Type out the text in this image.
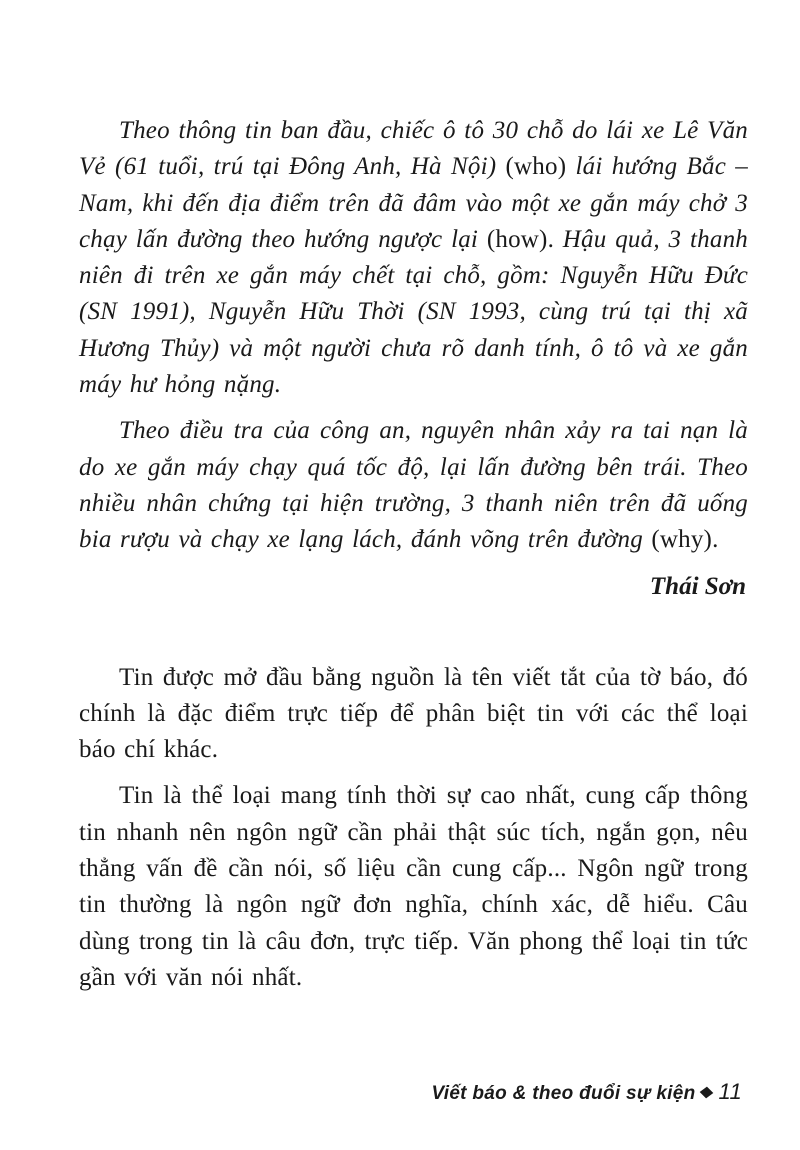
Theo thông tin ban đầu, chiếc ô tô 30 chỗ do lái xe Lê Văn Vẻ (61 tuổi, trú tại Đông Anh, Hà Nội) (who) lái hướng Bắc – Nam, khi đến địa điểm trên đã đâm vào một xe gắn máy chở 3 chạy lấn đường theo hướng ngược lại (how). Hậu quả, 3 thanh niên đi trên xe gắn máy chết tại chỗ, gồm: Nguyễn Hữu Đức (SN 1991), Nguyễn Hữu Thời (SN 1993, cùng trú tại thị xã Hương Thủy) và một người chưa rõ danh tính, ô tô và xe gắn máy hư hỏng nặng.

Theo điều tra của công an, nguyên nhân xảy ra tai nạn là do xe gắn máy chạy quá tốc độ, lại lấn đường bên trái. Theo nhiều nhân chứng tại hiện trường, 3 thanh niên trên đã uống bia rượu và chạy xe lạng lách, đánh võng trên đường (why).

Thái Sơn

Tin được mở đầu bằng nguồn là tên viết tắt của tờ báo, đó chính là đặc điểm trực tiếp để phân biệt tin với các thể loại báo chí khác.

Tin là thể loại mang tính thời sự cao nhất, cung cấp thông tin nhanh nên ngôn ngữ cần phải thật súc tích, ngắn gọn, nêu thẳng vấn đề cần nói, số liệu cần cung cấp... Ngôn ngữ trong tin thường là ngôn ngữ đơn nghĩa, chính xác, dễ hiểu. Câu dùng trong tin là câu đơn, trực tiếp. Văn phong thể loại tin tức gần với văn nói nhất.

Viết báo & theo đuổi sự kiện 11
